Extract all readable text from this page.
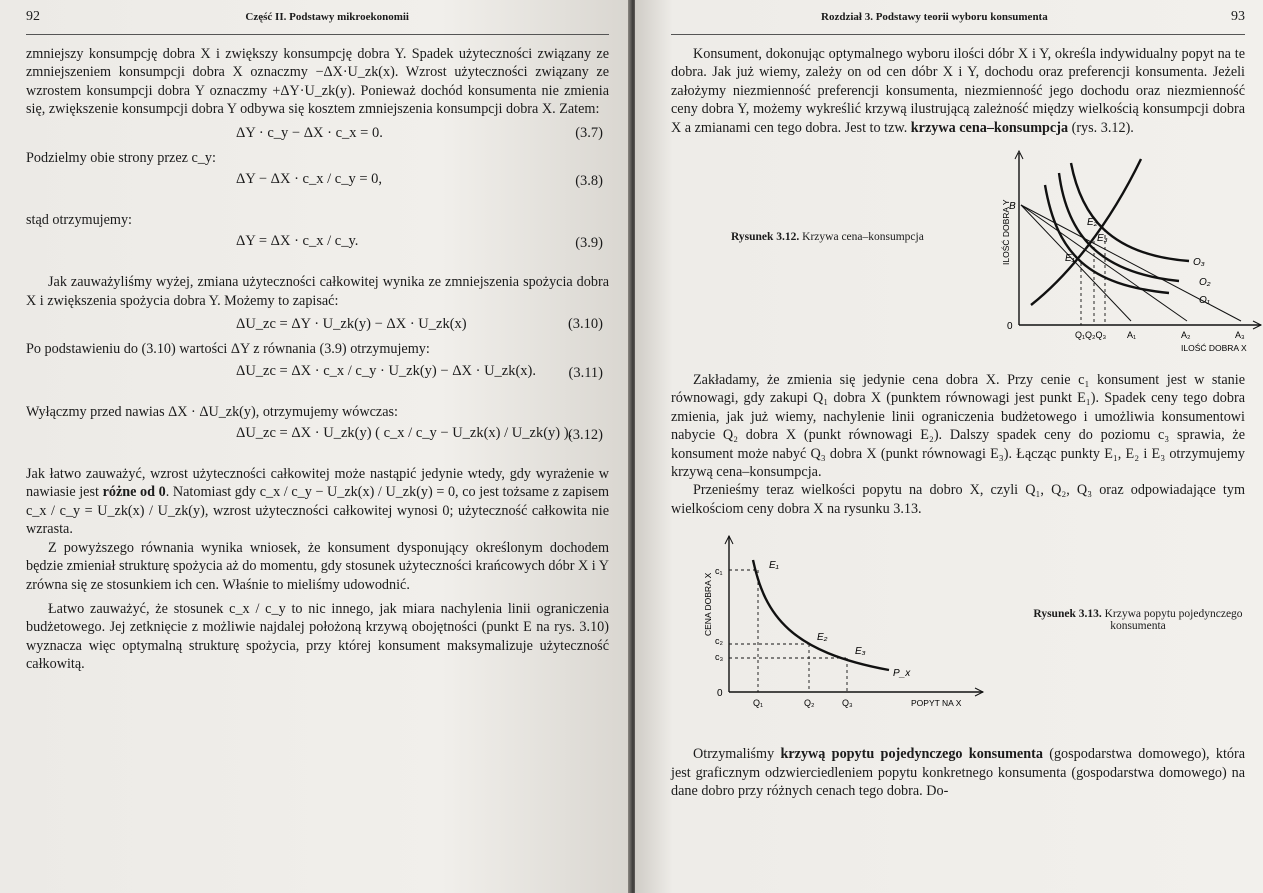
92	Część II. Podstawy mikroekonomii

zmniejszy konsumpcję dobra X i zwiększy konsumpcję dobra Y. Spadek użyteczności związany ze zmniejszeniem konsumpcji dobra X oznaczmy −ΔX·U_zk(x). Wzrost użyteczności związany ze wzrostem konsumpcji dobra Y oznaczmy +ΔY·U_zk(y). Ponieważ dochód konsumenta nie zmienia się, zwiększenie konsumpcji dobra Y odbywa się kosztem zmniejszenia konsumpcji dobra X. Zatem:

ΔY · c_y − ΔX · c_x = 0.	(3.7)

Podzielmy obie strony przez c_y:

ΔY − ΔX · c_x / c_y = 0,	(3.8)

stąd otrzymujemy:

ΔY = ΔX · c_x / c_y.	(3.9)

Jak zauważyliśmy wyżej, zmiana użyteczności całkowitej wynika ze zmniejszenia spożycia dobra X i zwiększenia spożycia dobra Y. Możemy to zapisać:

ΔU_zc = ΔY · U_zk(y) − ΔX · U_zk(x)	(3.10)

Po podstawieniu do (3.10) wartości ΔY z równania (3.9) otrzymujemy:

ΔU_zc = ΔX · c_x / c_y · U_zk(y) − ΔX · U_zk(x). (3.11)

Wyłączmy przed nawias ΔX · ΔU_zk(y), otrzymujemy wówczas:

ΔU_zc = ΔX · U_zk(y) ( c_x / c_y − U_zk(x) / U_zk(y) ).
(3.12)

Jak łatwo zauważyć, wzrost użyteczności całkowitej może nastąpić jedynie wtedy, gdy wyrażenie w nawiasie jest różne od 0. Natomiast gdy c_x / c_y − U_zk(x) / U_zk(y) = 0, co jest tożsame z zapisem c_x / c_y = U_zk(x) / U_zk(y), wzrost użyteczności całkowitej wynosi 0; użyteczność całkowita nie wzrasta.

Z powyższego równania wynika wniosek, że konsument dysponujący określonym dochodem będzie zmieniał strukturę spożycia aż do momentu, gdy stosunek użyteczności krańcowych dóbr X i Y zrówna się ze stosunkiem ich cen. Właśnie to mieliśmy udowodnić.

Łatwo zauważyć, że stosunek c_x / c_y to nic innego, jak miara nachylenia linii ograniczenia budżetowego. Jej zetknięcie z możliwie najdalej położoną krzywą obojętności (punkt E na rys. 3.10) wyznacza więc optymalną strukturę spożycia, przy której konsument maksymalizuje użyteczność całkowitą.

Rozdział 3. Podstawy teorii wyboru konsumenta	93

Konsument, dokonując optymalnego wyboru ilości dóbr X i Y, określa indywidualny popyt na te dobra. Jak już wiemy, zależy on od cen dóbr X i Y, dochodu oraz preferencji konsumenta. Jeżeli założymy niezmienność preferencji konsumenta, niezmienność jego dochodu oraz niezmienność ceny dobra Y, możemy wykreślić krzywą ilustrującą zależność między wielkością konsumpcji dobra X a zmianami cen tego dobra. Jest to tzw. krzywa cena–konsumpcja (rys. 3.12).

Rysunek 3.12. Krzywa cena–konsumpcja	ILOŚĆ DOBRA Y
ILOŚĆ DOBRA X
0
B
E₁
E₂
E₃
O₃
O₂
O₁
Q₁Q₂Q₃ A₁	A₂	A₃

Zakładamy, że zmienia się jedynie cena dobra X. Przy cenie c₁ konsument jest w stanie równowagi, gdy zakupi Q₁ dobra X (punktem równowagi jest punkt E₁). Spadek ceny tego dobra zmienia, jak już wiemy, nachylenie linii ograniczenia budżetowego i umożliwia konsumentowi nabycie Q₂ dobra X (punkt równowagi E₂). Dalszy spadek ceny do poziomu c₃ sprawia, że konsument może nabyć Q₃ dobra X (punkt równowagi E₃). Łącząc punkty E₁, E₂ i E₃ otrzymujemy krzywą cena–konsumpcja.

Przenieśmy teraz wielkości popytu na dobro X, czyli Q₁, Q₂, Q₃ oraz odpowiadające tym wielkościom ceny dobra X na rysunku 3.13.

CENA DOBRA X
POPYT NA X
0
c₁
c₂
c₃
E₁
E₂
E₃
Q₁	Q₂	Q₃
P_x
Rysunek 3.13. Krzywa popytu pojedynczego konsumenta

Otrzymaliśmy krzywą popytu pojedynczego konsumenta (gospodarstwa domowego), która jest graficznym odzwierciedleniem popytu konkretnego konsumenta (gospodarstwa domowego) na dane dobro przy różnych cenach tego dobra. Do-
